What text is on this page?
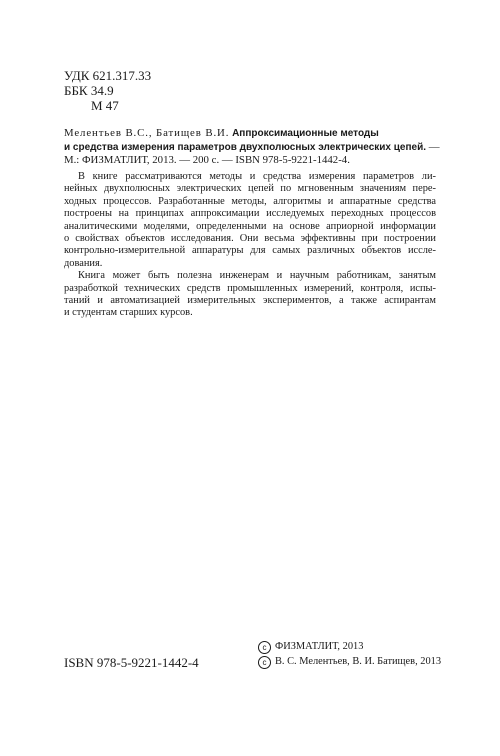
УДК 621.317.33
ББК 34.9
М 47
Мелентьев В.С., Батищев В.И. Аппроксимационные методы
и средства измерения параметров двухполюсных электрических цепей. —
М.: ФИЗМАТЛИТ, 2013. — 200 с. — ISBN 978-5-9221-1442-4.
В книге рассматриваются методы и средства измерения параметров ли-
нейных двухполюсных электрических цепей по мгновенным значениям пере-
ходных процессов. Разработанные методы, алгоритмы и аппаратные средства
построены на принципах аппроксимации исследуемых переходных процессов
аналитическими моделями, определенными на основе априорной информации
о свойствах объектов исследования. Они весьма эффективны при построении
контрольно-измерительной аппаратуры для самых различных объектов иссле-
дования.
Книга может быть полезна инженерам и научным работникам, занятым
разработкой технических средств промышленных измерений, контроля, испы-
таний и автоматизацией измерительных экспериментов, а также аспирантам
и студентам старших курсов.
ISBN 978-5-9221-1442-4
c ФИЗМАТЛИТ, 2013
c В. С. Мелентьев, В. И. Батищев, 2013
